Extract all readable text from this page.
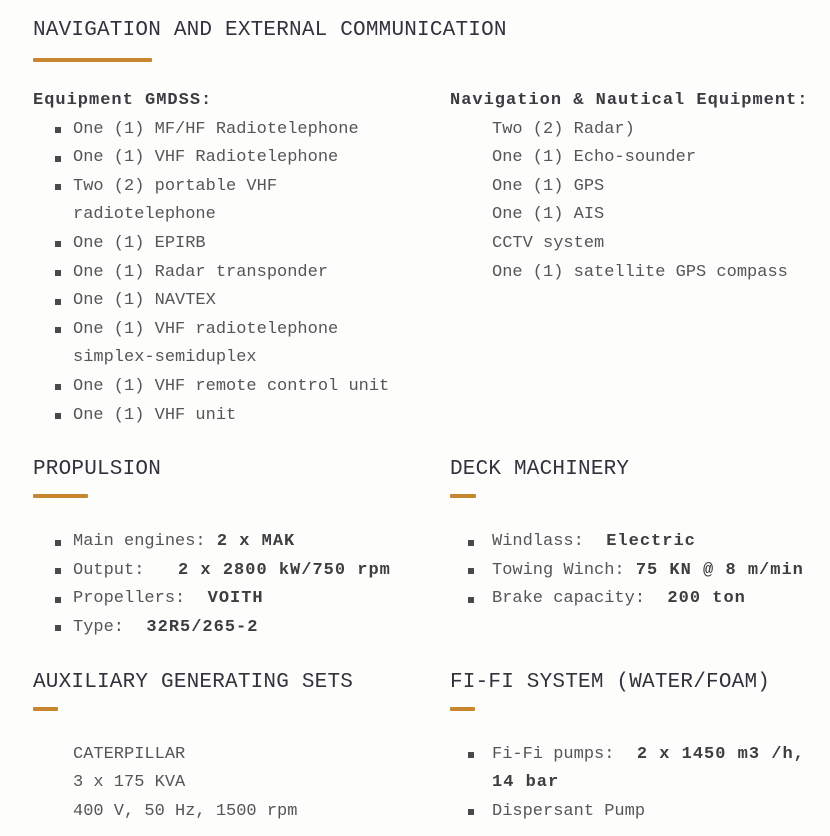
NAVIGATION AND EXTERNAL COMMUNICATION
Equipment GMDSS:
One (1) MF/HF Radiotelephone
One (1) VHF Radiotelephone
Two (2) portable VHF
radiotelephone
One (1) EPIRB
One (1) Radar transponder
One (1) NAVTEX
One (1) VHF radiotelephone
simplex-semiduplex
One (1) VHF remote control unit
One (1) VHF unit
Navigation & Nautical Equipment:
Two (2) Radar)
One (1) Echo-sounder
One (1) GPS
One (1) AIS
CCTV system
One (1) satellite GPS compass
PROPULSION
Main engines: 2 x MAK
Output:   2 x 2800 kW/750 rpm
Propellers:  VOITH
Type:  32R5/265-2
DECK MACHINERY
Windlass:  Electric
Towing Winch: 75 KN @ 8 m/min
Brake capacity:  200 ton
AUXILIARY GENERATING SETS
CATERPILLAR
3 x 175 KVA
400 V, 50 Hz, 1500 rpm
FI-FI SYSTEM (WATER/FOAM)
Fi-Fi pumps:  2 x 1450 m3 /h,
14 bar
Dispersant Pump
